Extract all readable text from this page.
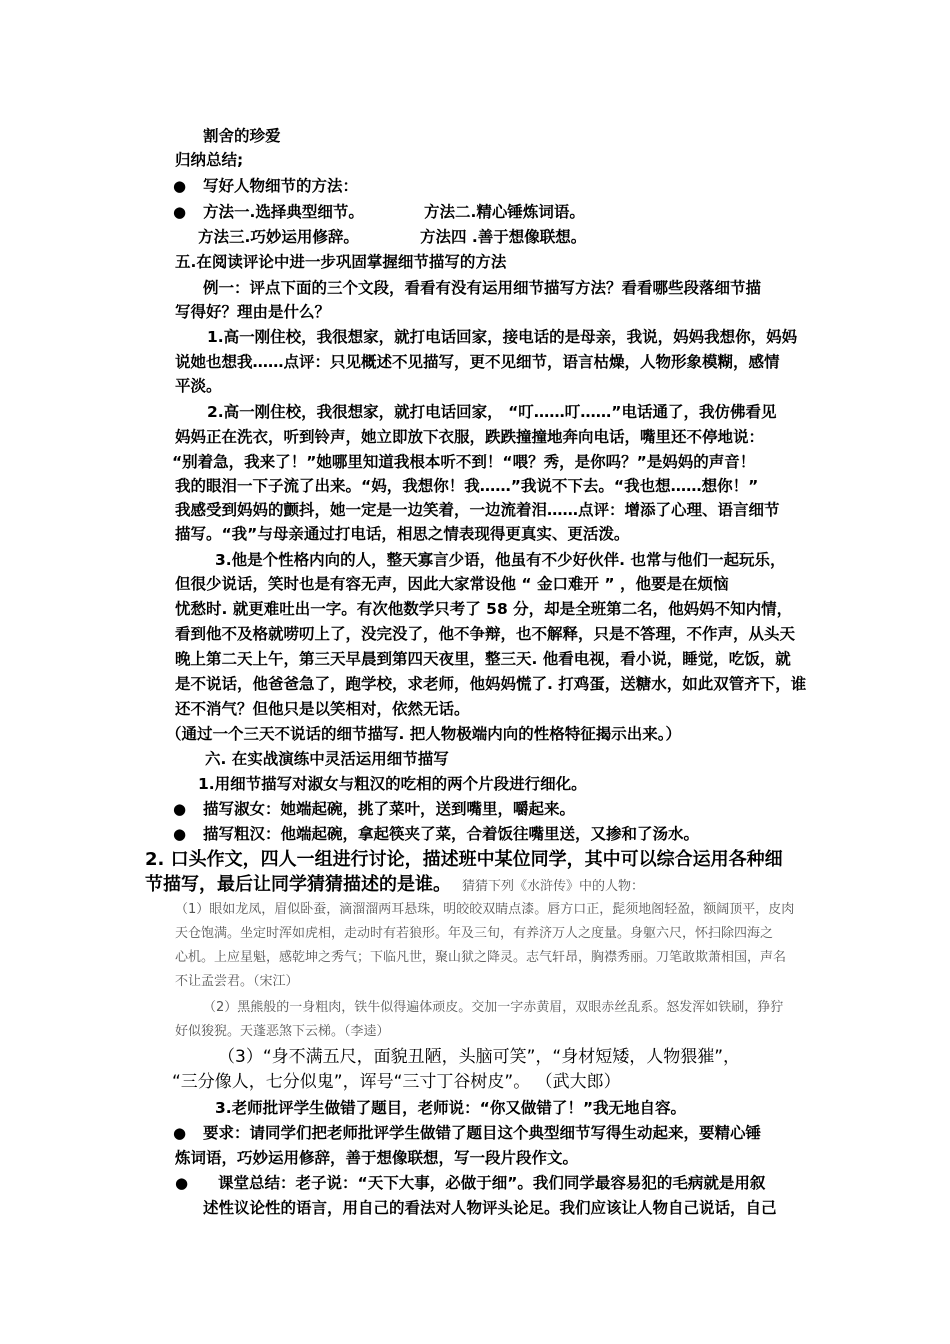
割舍的珍爱
归纳总结;
● 写好人物细节的方法：
● 方法一.选择典型细节。	方法二.精心锤炼词语。
方法三.巧妙运用修辞。	方法四 .善于想像联想。
五.在阅读评论中进一步巩固掌握细节描写的方法
例一：评点下面的三个文段，看看有没有运用细节描写方法？看看哪些段落细节描
写得好？理由是什么？
1.高一刚住校，我很想家，就打电话回家，接电话的是母亲，我说，妈妈我想你，妈妈
说她也想我……点评：只见概述不见描写，更不见细节，语言枯燥，人物形象模糊，感情
平淡。
2.高一刚住校，我很想家，就打电话回家， “叮……叮……”电话通了，我仿佛看见
妈妈正在洗衣，听到铃声，她立即放下衣服，跌跌撞撞地奔向电话，嘴里还不停地说：
“别着急，我来了！”她哪里知道我根本听不到！“喂？秀，是你吗？”是妈妈的声音！
我的眼泪一下子流了出来。“妈，我想你！我……”我说不下去。“我也想……想你！”
我感受到妈妈的颤抖，她一定是一边笑着，一边流着泪……点评：增添了心理、语言细节
描写。“我”与母亲通过打电话，相思之情表现得更真实、更活泼。
3.他是个性格内向的人，整天寡言少语，他虽有不少好伙伴. 也常与他们一起玩乐，
但很少说话，笑时也是有容无声，因此大家常设他 “ 金口难开 ” ，他要是在烦恼
忧愁时. 就更难吐出一字。有次他数学只考了 58 分，却是全班第二名，他妈妈不知内情，
看到他不及格就唠叨上了，没完没了，他不争辩，也不解释，只是不答理，不作声，从头天
晚上第二天上午，第三天早晨到第四天夜里，整三天. 他看电视，看小说，睡觉，吃饭，就
是不说话，他爸爸急了，跑学校，求老师，他妈妈慌了. 打鸡蛋，送糖水，如此双管齐下，谁
还不消气？但他只是以笑相对，依然无话。
（通过一个三天不说话的细节描写. 把人物极端内向的性格特征揭示出来。）
六. 在实战演练中灵活运用细节描写
1.用细节描写对淑女与粗汉的吃相的两个片段进行细化。
● 描写淑女：她端起碗，挑了菜叶，送到嘴里，嚼起来。
● 描写粗汉：他端起碗，拿起筷夹了菜，合着饭往嘴里送，又掺和了汤水。
2. 口头作文，四人一组进行讨论，描述班中某位同学，其中可以综合运用各种细
节描写，最后让同学猜猜描述的是谁。 猜猜下列《水浒传》中的人物：
（1）眼如龙凤，眉似卧蚕，滴溜溜两耳悬珠，明皎皎双睛点漆。唇方口正，髭须地阁轻盈，额阔顶平，皮肉
天仓饱满。坐定时浑如虎相，走动时有若狼形。年及三旬，有养济万人之度量。身躯六尺，怀扫除四海之
心机。上应星魁，感乾坤之秀气；下临凡世，聚山狱之降灵。志气轩昂，胸襟秀丽。刀笔敢欺萧相国，声名
不让孟尝君。（宋江）
（2）黑熊般的一身粗肉，铁牛似得遍体顽皮。交加一字赤黄眉，双眼赤丝乱系。怒发浑如铁刷，狰狞
好似狻猊。天蓬恶煞下云梯。（李逵）
（3）“身不满五尺，面貌丑陋，头脑可笑”，“身材短矮，人物猥獕”，
“三分像人，七分似鬼”，诨号“三寸丁谷树皮”。 （武大郎）
3.老师批评学生做错了题目，老师说：“你又做错了！”我无地自容。
● 要求：请同学们把老师批评学生做错了题目这个典型细节写得生动起来，要精心锤
炼词语，巧妙运用修辞，善于想像联想，写一段片段作文。
● 课堂总结：老子说：“天下大事，必做于细”。我们同学最容易犯的毛病就是用叙
述性议论性的语言，用自己的看法对人物评头论足。我们应该让人物自己说话，自己
